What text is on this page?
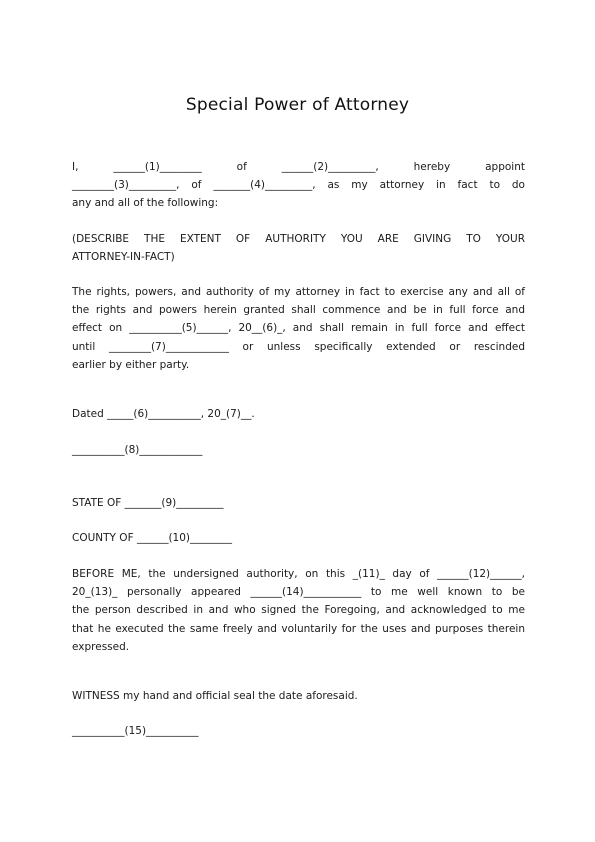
Special Power of Attorney
I, ______(1)________ of ______(2)_________, hereby appoint
________(3)_________, of _______(4)_________, as my attorney in fact to do
any and all of the following:
(DESCRIBE THE EXTENT OF AUTHORITY YOU ARE GIVING TO YOUR
ATTORNEY-IN-FACT)
The rights, powers, and authority of my attorney in fact to exercise any and all of
the rights and powers herein granted shall commence and be in full force and
effect on __________(5)______, 20__(6)_, and shall remain in full force and effect
until ________(7)____________ or unless specifically extended or rescinded
earlier by either party.
Dated _____(6)__________, 20_(7)__.
__________(8)____________
STATE OF _______(9)_________
COUNTY OF ______(10)________
BEFORE ME, the undersigned authority, on this _(11)_ day of ______(12)______,
20_(13)_ personally appeared ______(14)___________ to me well known to be
the person described in and who signed the Foregoing, and acknowledged to me
that he executed the same freely and voluntarily for the uses and purposes therein
expressed.
WITNESS my hand and official seal the date aforesaid.
__________(15)__________
